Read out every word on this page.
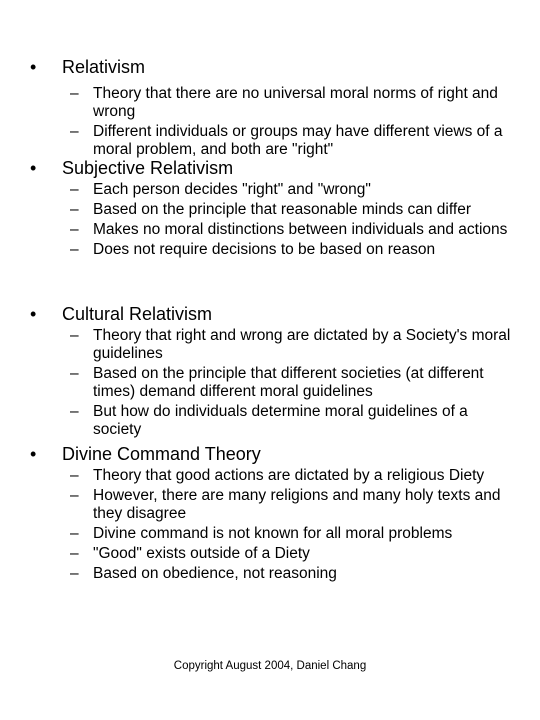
• Relativism
– Theory that there are no universal moral norms of right and wrong
– Different individuals or groups may have different views of a moral problem, and both are "right"
• Subjective Relativism
– Each person decides "right" and "wrong"
– Based on the principle that reasonable minds can differ
– Makes no moral distinctions between individuals and actions
– Does not require decisions to be based on reason
• Cultural Relativism
– Theory that right and wrong are dictated by a Society's moral guidelines
– Based on the principle that different societies (at different times) demand different moral guidelines
– But how do individuals determine moral guidelines of a society
• Divine Command Theory
– Theory that good actions are dictated by a religious Diety
– However, there are many religions and many holy texts and they disagree
– Divine command is not known for all moral problems
– "Good" exists outside of a Diety
– Based on obedience, not reasoning
Copyright August 2004, Daniel Chang
